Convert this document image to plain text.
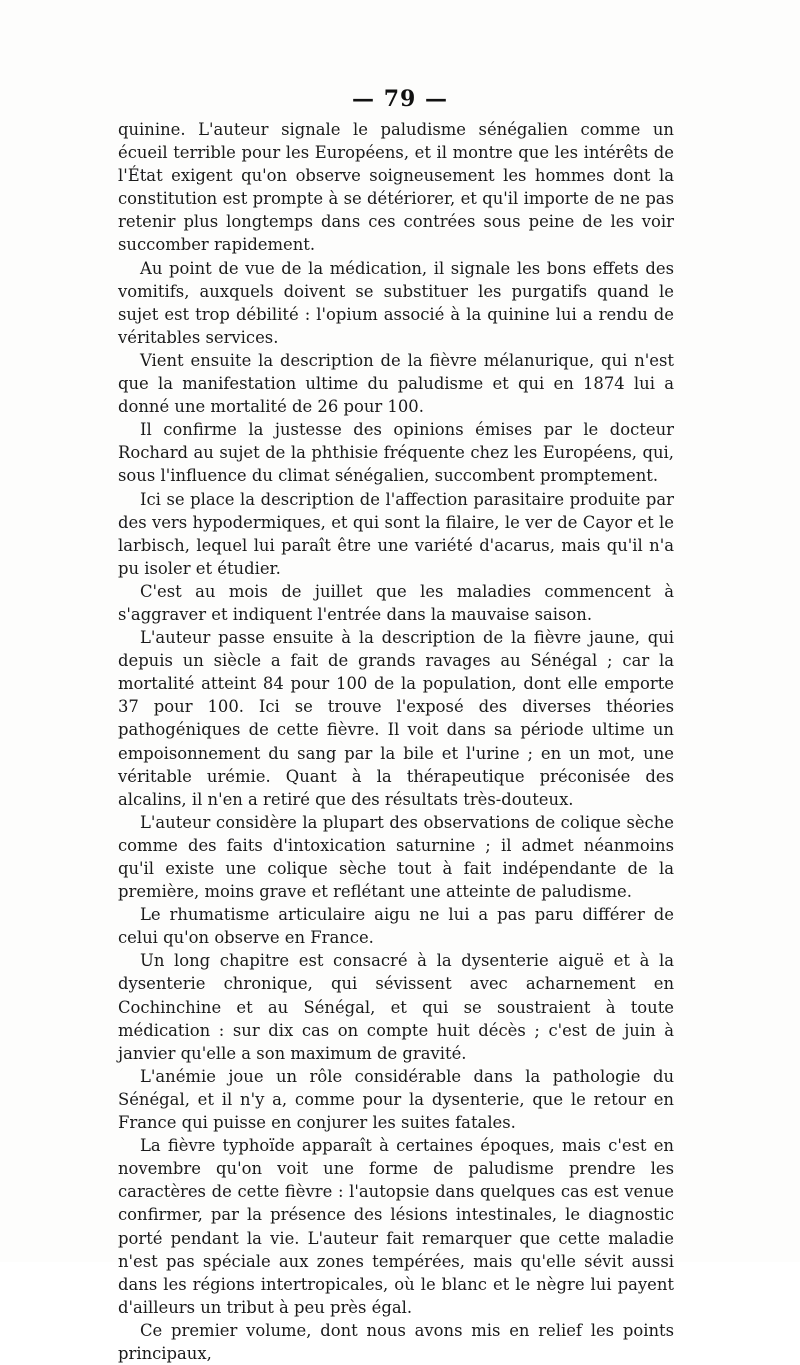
— 79 —

quinine. L'auteur signale le paludisme sénégalien comme un écueil terrible pour les Européens, et il montre que les intérêts de l'État exigent qu'on observe soigneusement les hommes dont la constitution est prompte à se détériorer, et qu'il importe de ne pas retenir plus longtemps dans ces contrées sous peine de les voir succomber rapidement.

Au point de vue de la médication, il signale les bons effets des vomitifs, auxquels doivent se substituer les purgatifs quand le sujet est trop débilité : l'opium associé à la quinine lui a rendu de véritables services.

Vient ensuite la description de la fièvre mélanurique, qui n'est que la manifestation ultime du paludisme et qui en 1874 lui a donné une mortalité de 26 pour 100.

Il confirme la justesse des opinions émises par le docteur Rochard au sujet de la phthisie fréquente chez les Européens, qui, sous l'influence du climat sénégalien, succombent promptement.

Ici se place la description de l'affection parasitaire produite par des vers hypodermiques, et qui sont la filaire, le ver de Cayor et le larbisch, lequel lui paraît être une variété d'acarus, mais qu'il n'a pu isoler et étudier.

C'est au mois de juillet que les maladies commencent à s'aggraver et indiquent l'entrée dans la mauvaise saison.

L'auteur passe ensuite à la description de la fièvre jaune, qui depuis un siècle a fait de grands ravages au Sénégal ; car la mortalité atteint 84 pour 100 de la population, dont elle emporte 37 pour 100. Ici se trouve l'exposé des diverses théories pathogéniques de cette fièvre. Il voit dans sa période ultime un empoisonnement du sang par la bile et l'urine ; en un mot, une véritable urémie. Quant à la thérapeutique préconisée des alcalins, il n'en a retiré que des résultats très-douteux.

L'auteur considère la plupart des observations de colique sèche comme des faits d'intoxication saturnine ; il admet néanmoins qu'il existe une colique sèche tout à fait indépendante de la première, moins grave et reflétant une atteinte de paludisme.

Le rhumatisme articulaire aigu ne lui a pas paru différer de celui qu'on observe en France.

Un long chapitre est consacré à la dysenterie aiguë et à la dysenterie chronique, qui sévissent avec acharnement en Cochinchine et au Sénégal, et qui se soustraient à toute médication : sur dix cas on compte huit décès ; c'est de juin à janvier qu'elle a son maximum de gravité.

L'anémie joue un rôle considérable dans la pathologie du Sénégal, et il n'y a, comme pour la dysenterie, que le retour en France qui puisse en conjurer les suites fatales.

La fièvre typhoïde apparaît à certaines époques, mais c'est en novembre qu'on voit une forme de paludisme prendre les caractères de cette fièvre : l'autopsie dans quelques cas est venue confirmer, par la présence des lésions intestinales, le diagnostic porté pendant la vie. L'auteur fait remarquer que cette maladie n'est pas spéciale aux zones tempérées, mais qu'elle sévit aussi dans les régions intertropicales, où le blanc et le nègre lui payent d'ailleurs un tribut à peu près égal.

Ce premier volume, dont nous avons mis en relief les points principaux,
